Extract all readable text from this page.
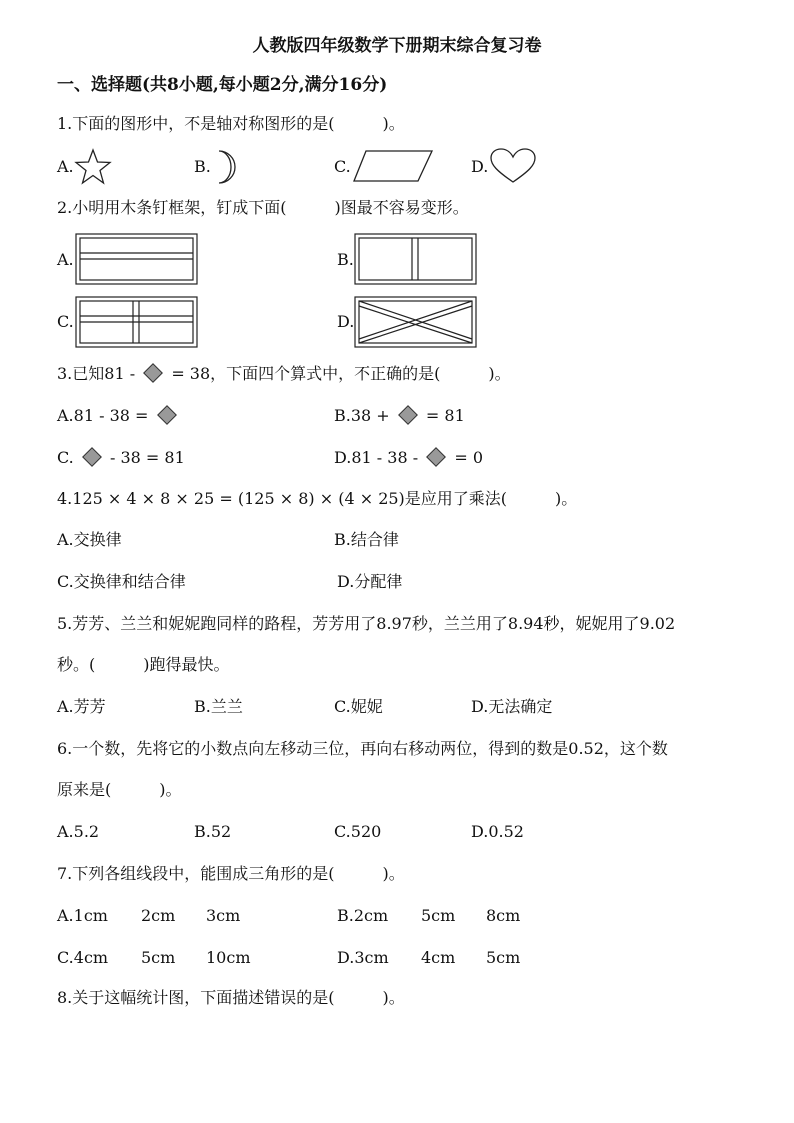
人教版四年级数学下册期末综合复习卷
一、选择题(共8小题,每小题2分,满分16分)
1.下面的图形中，不是轴对称图形的是(　　　)。
A.	B.	C.	D.
2.小明用木条钉框架，钉成下面(　　　)图最不容易变形。
A.	B.
C.	D.
3.已知81 - = 38，下面四个算式中，不正确的是(　　　)。
A.81 - 38 =	B.38 + = 81
C. - 38 = 81	D.81 - 38 - = 0
4.125 × 4 × 8 × 25 = (125 × 8) × (4 × 25)是应用了乘法(　　　)。
A.交换律	B.结合律
C.交换律和结合律	D.分配律
5.芳芳、兰兰和妮妮跑同样的路程，芳芳用了8.97秒，兰兰用了8.94秒，妮妮用了9.02
秒。(　　　)跑得最快。
A.芳芳	B.兰兰	C.妮妮	D.无法确定
6.一个数，先将它的小数点向左移动三位，再向右移动两位，得到的数是0.52，这个数
原来是(　　　)。
A.5.2	B.52	C.520	D.0.52
7.下列各组线段中，能围成三角形的是(　　　)。
A.1cm 2cm 3cm	B.2cm 5cm 8cm
C.4cm 5cm 10cm	D.3cm 4cm 5cm
8.关于这幅统计图，下面描述错误的是(　　　)。
